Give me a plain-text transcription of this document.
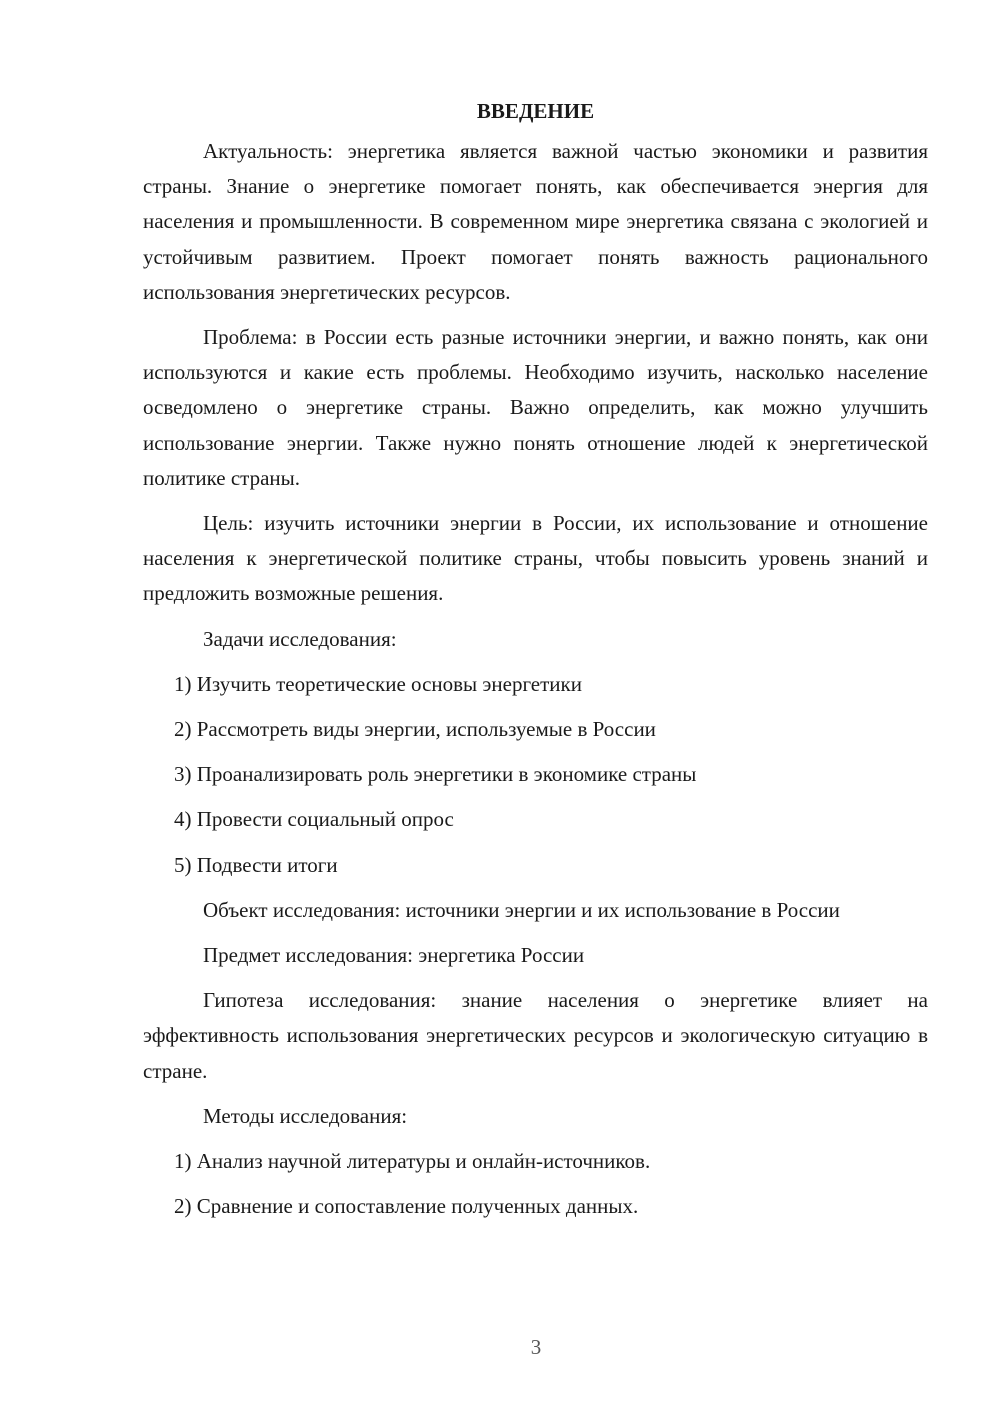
ВВЕДЕНИЕ

Актуальность: энергетика является важной частью экономики и развития страны. Знание о энергетике помогает понять, как обеспечивается энергия для населения и промышленности. В современном мире энергетика связана с экологией и устойчивым развитием. Проект помогает понять важность рационального использования энергетических ресурсов.

Проблема: в России есть разные источники энергии, и важно понять, как они используются и какие есть проблемы. Необходимо изучить, насколько население осведомлено о энергетике страны. Важно определить, как можно улучшить использование энергии. Также нужно понять отношение людей к энергетической политике страны.

Цель: изучить источники энергии в России, их использование и отношение населения к энергетической политике страны, чтобы повысить уровень знаний и предложить возможные решения.

Задачи исследования:

1) Изучить теоретические основы энергетики

2) Рассмотреть виды энергии, используемые в России

3) Проанализировать роль энергетики в экономике страны

4) Провести социальный опрос

5) Подвести итоги

Объект исследования: источники энергии и их использование в России

Предмет исследования: энергетика России

Гипотеза исследования: знание населения о энергетике влияет на эффективность использования энергетических ресурсов и экологическую ситуацию в стране.

Методы исследования:

1) Анализ научной литературы и онлайн-источников.

2) Сравнение и сопоставление полученных данных.

3
